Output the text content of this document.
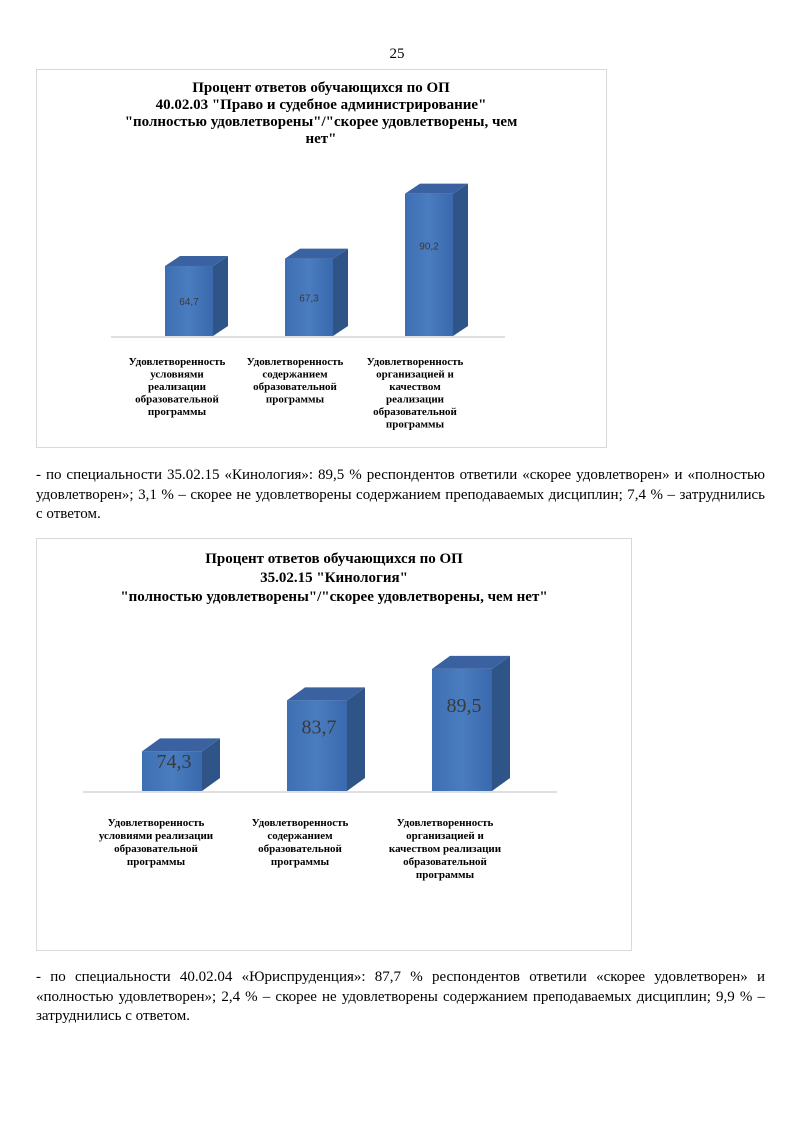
25
Процент ответов обучающихся по ОП
40.02.03 "Право и судебное администрирование"
"полностью удовлетворены"/"скорее удовлетворены, чем
нет"
64,7	67,3
90,2
Удовлетворенность
условиями
реализации
образовательной
программы
Удовлетворенность
содержанием
образовательной
программы
Удовлетворенность
организацией и
качеством
реализации
образовательной
программы

- по специальности 35.02.15 «Кинология»: 89,5 % респондентов ответили «скорее удовлетворен» и «полностью удовлетворен»; 3,1 % – скорее не удовлетворены содержанием преподаваемых дисциплин; 7,4 % – затруднились с ответом.

Процент ответов обучающихся по ОП
35.02.15 "Кинология"
"полностью удовлетворены"/"скорее удовлетворены, чем нет"
74,3
83,7
89,5
Удовлетворенность
условиями реализации
образовательной
программы
Удовлетворенность
содержанием
образовательной
программы
Удовлетворенность
организацией и
качеством реализации
образовательной
программы

- по специальности 40.02.04 «Юриспруденция»: 87,7 % респондентов ответили «скорее удовлетворен» и «полностью удовлетворен»; 2,4 % – скорее не удовлетворены содержанием преподаваемых дисциплин; 9,9 % – затруднились с ответом.
